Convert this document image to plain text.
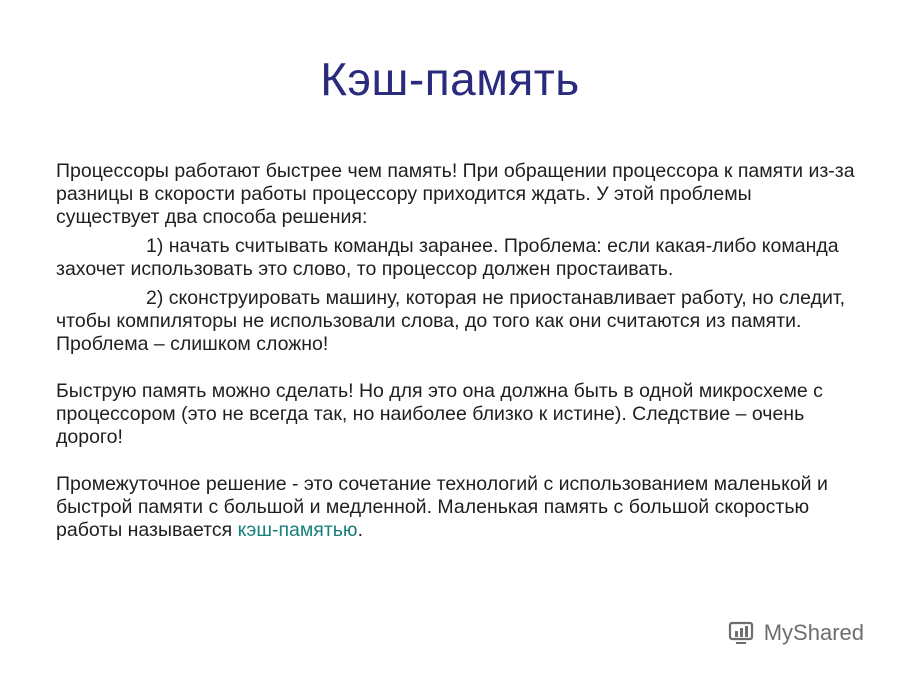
Кэш-память

Процессоры работают быстрее чем память! При обращении процессора к памяти из-за разницы в скорости работы процессору приходится ждать. У этой проблемы существует два способа решения:

1) начать считывать команды заранее. Проблема: если какая-либо команда захочет использовать это слово, то процессор должен простаивать.

2) сконструировать машину, которая не приостанавливает работу, но следит, чтобы компиляторы не использовали слова, до того как они считаются из памяти. Проблема – слишком сложно!

Быструю память можно сделать! Но для это она должна быть в одной микросхеме с процессором (это не всегда так, но наиболее близко к истине). Следствие – очень дорого!

Промежуточное решение - это сочетание технологий с использованием маленькой и быстрой памяти с большой и медленной. Маленькая память с большой скоростью работы называется кэш-памятью.

MyShared
